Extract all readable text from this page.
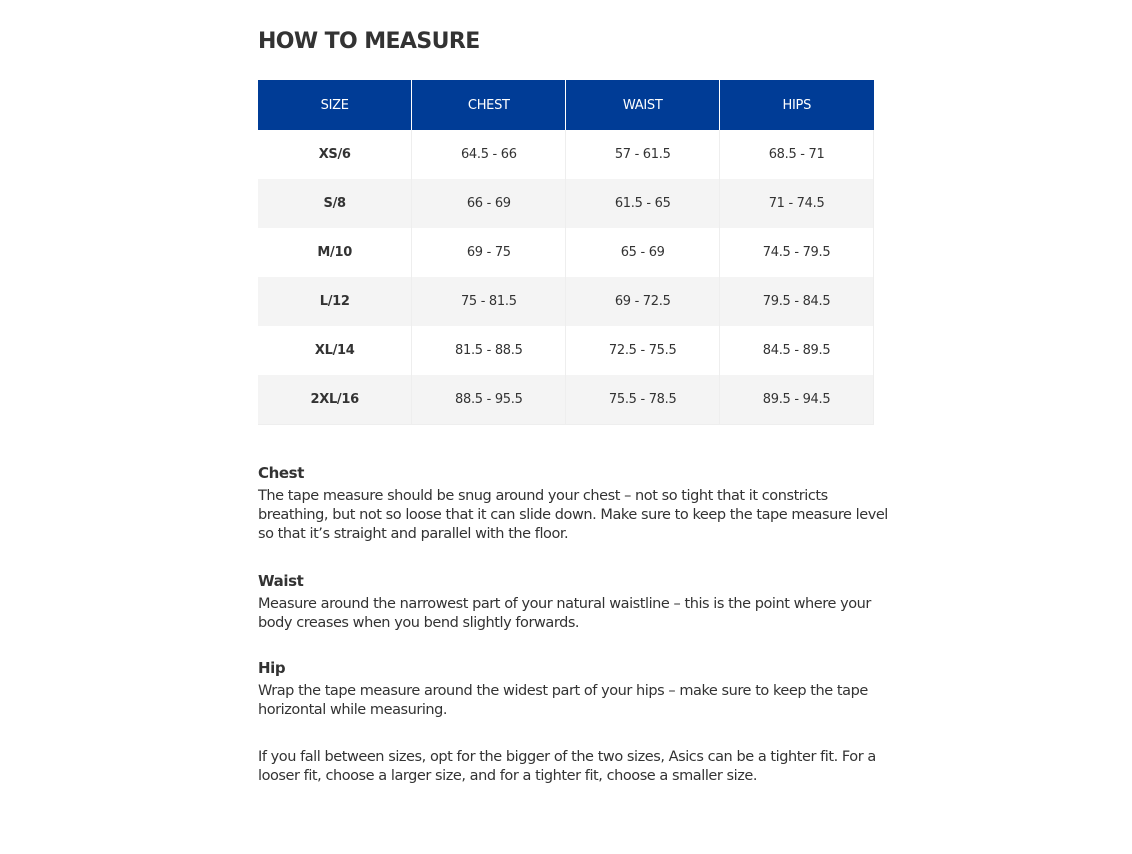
HOW TO MEASURE
SIZE	CHEST	WAIST	HIPS
XS/6	64.5 - 66	57 - 61.5	68.5 - 71
S/8	66 - 69	61.5 - 65	71 - 74.5
M/10	69 - 75	65 - 69	74.5 - 79.5
L/12	75 - 81.5	69 - 72.5	79.5 - 84.5
XL/14	81.5 - 88.5	72.5 - 75.5	84.5 - 89.5
2XL/16	88.5 - 95.5	75.5 - 78.5	89.5 - 94.5
Chest

The tape measure should be snug around your chest – not so tight that it constricts breathing, but not so loose that it can slide down. Make sure to keep the tape measure level so that it’s straight and parallel with the floor.

Waist

Measure around the narrowest part of your natural waistline – this is the point where your body creases when you bend slightly forwards.

Hip

Wrap the tape measure around the widest part of your hips – make sure to keep the tape horizontal while measuring.

If you fall between sizes, opt for the bigger of the two sizes, Asics can be a tighter fit. For a looser fit, choose a larger size, and for a tighter fit, choose a smaller size.
